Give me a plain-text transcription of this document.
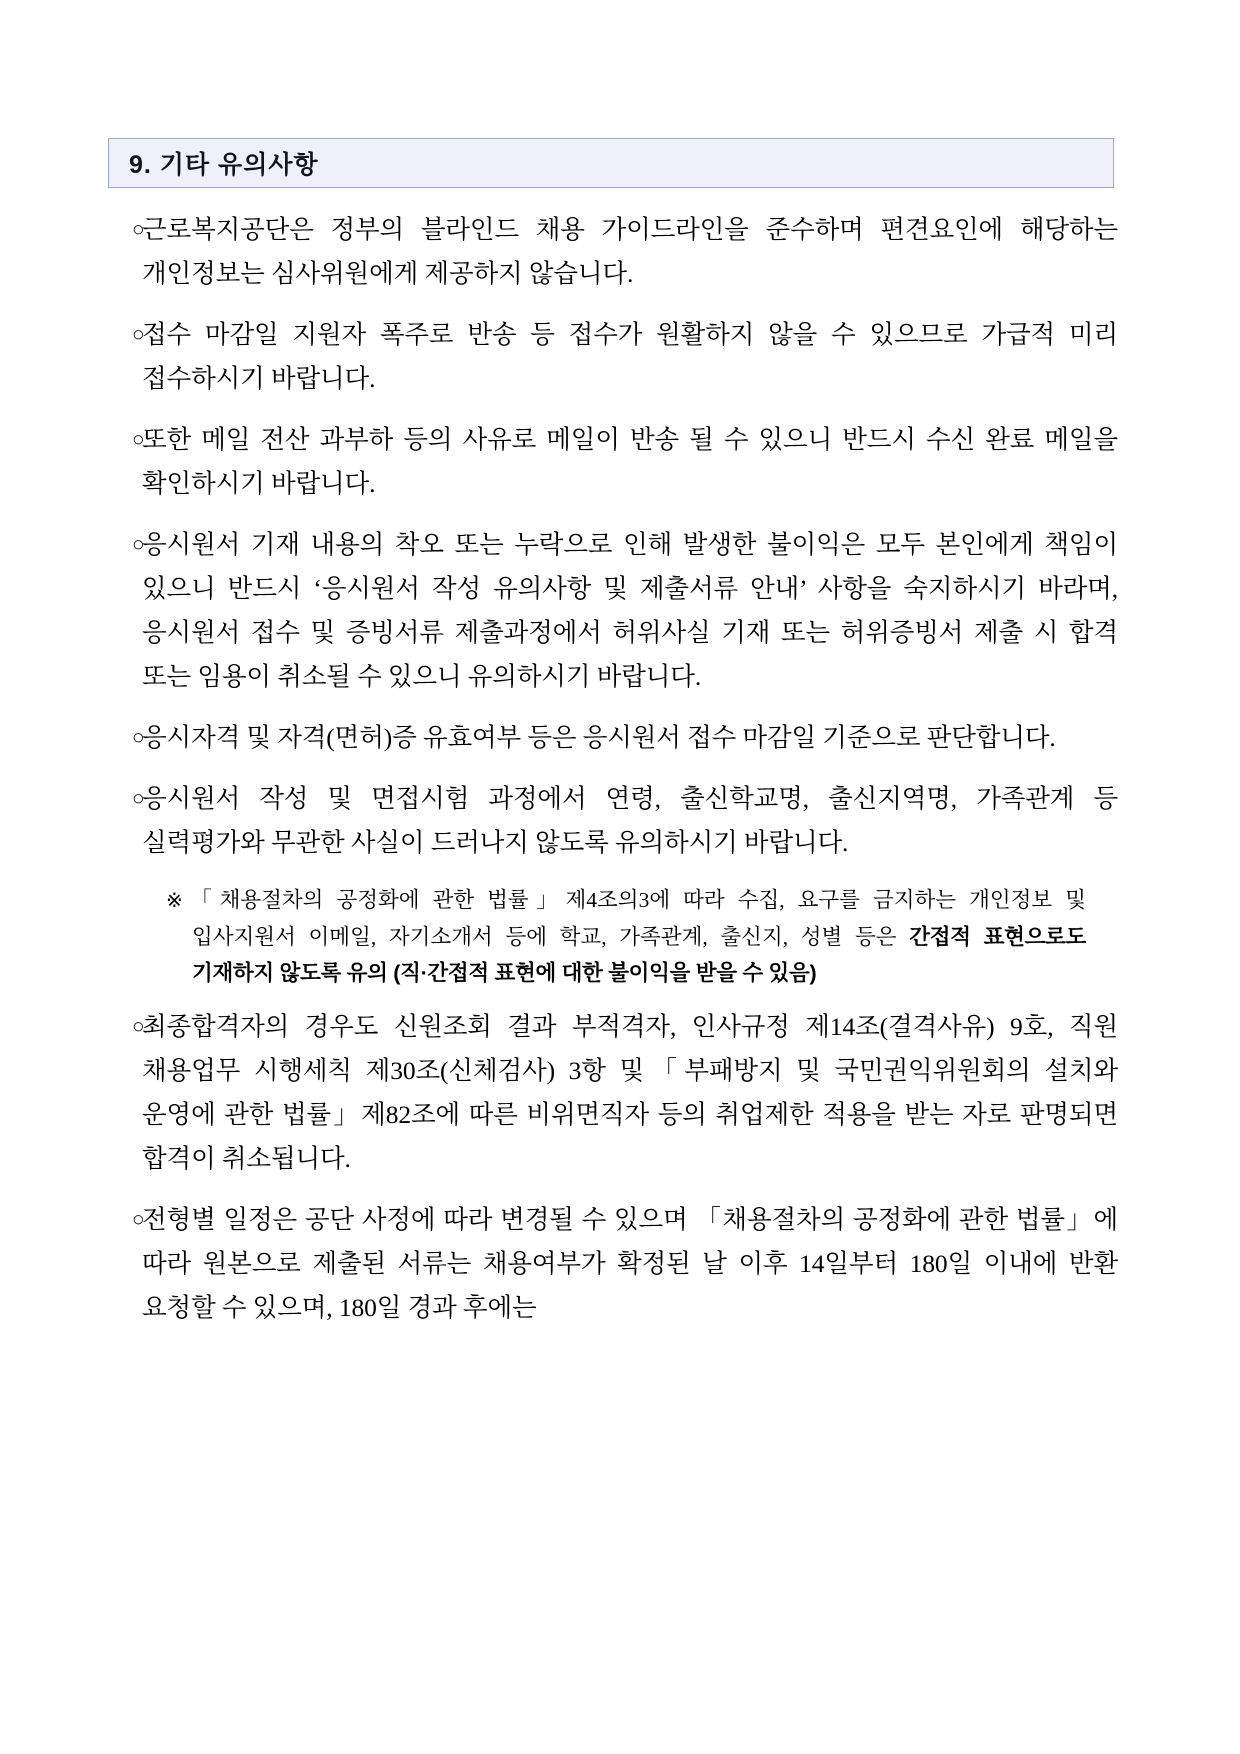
9. 기타 유의사항
○
근로복지공단은 정부의 블라인드 채용 가이드라인을 준수하며 편견요인에 해당하는 개인정보는 심사위원에게 제공하지 않습니다.
○
접수 마감일 지원자 폭주로 반송 등 접수가 원활하지 않을 수 있으므로 가급적 미리 접수하시기 바랍니다.
○
또한 메일 전산 과부하 등의 사유로 메일이 반송 될 수 있으니 반드시 수신 완료 메일을 확인하시기 바랍니다.
○
응시원서 기재 내용의 착오 또는 누락으로 인해 발생한 불이익은 모두 본인에게 책임이 있으니 반드시 ‘응시원서 작성 유의사항 및 제출서류 안내’ 사항을 숙지하시기 바라며, 응시원서 접수 및 증빙서류 제출과정에서 허위사실 기재 또는 허위증빙서 제출 시 합격 또는 임용이 취소될 수 있으니 유의하시기 바랍니다.
○
응시자격 및 자격(면허)증 유효여부 등은 응시원서 접수 마감일 기준으로 판단합니다.
○
응시원서 작성 및 면접시험 과정에서 연령, 출신학교명, 출신지역명, 가족관계 등 실력평가와 무관한 사실이 드러나지 않도록 유의하시기 바랍니다.
※「채용절차의 공정화에 관한 법률」제4조의3에 따라 수집, 요구를 금지하는 개인정보 및 입사지원서 이메일, 자기소개서 등에 학교, 가족관계, 출신지, 성별 등은 간접적 표현으로도 기재하지 않도록 유의 (직·간접적 표현에 대한 불이익을 받을 수 있음)
○
최종합격자의 경우도 신원조회 결과 부적격자, 인사규정 제14조(결격사유) 9호, 직원 채용업무 시행세칙 제30조(신체검사) 3항 및「부패방지 및 국민권익위원회의 설치와 운영에 관한 법률」제82조에 따른 비위면직자 등의 취업제한 적용을 받는 자로 판명되면 합격이 취소됩니다.
○
전형별 일정은 공단 사정에 따라 변경될 수 있으며 「채용절차의 공정화에 관한 법률」에 따라 원본으로 제출된 서류는 채용여부가 확정된 날 이후 14일부터 180일 이내에 반환 요청할 수 있으며, 180일 경과 후에는
